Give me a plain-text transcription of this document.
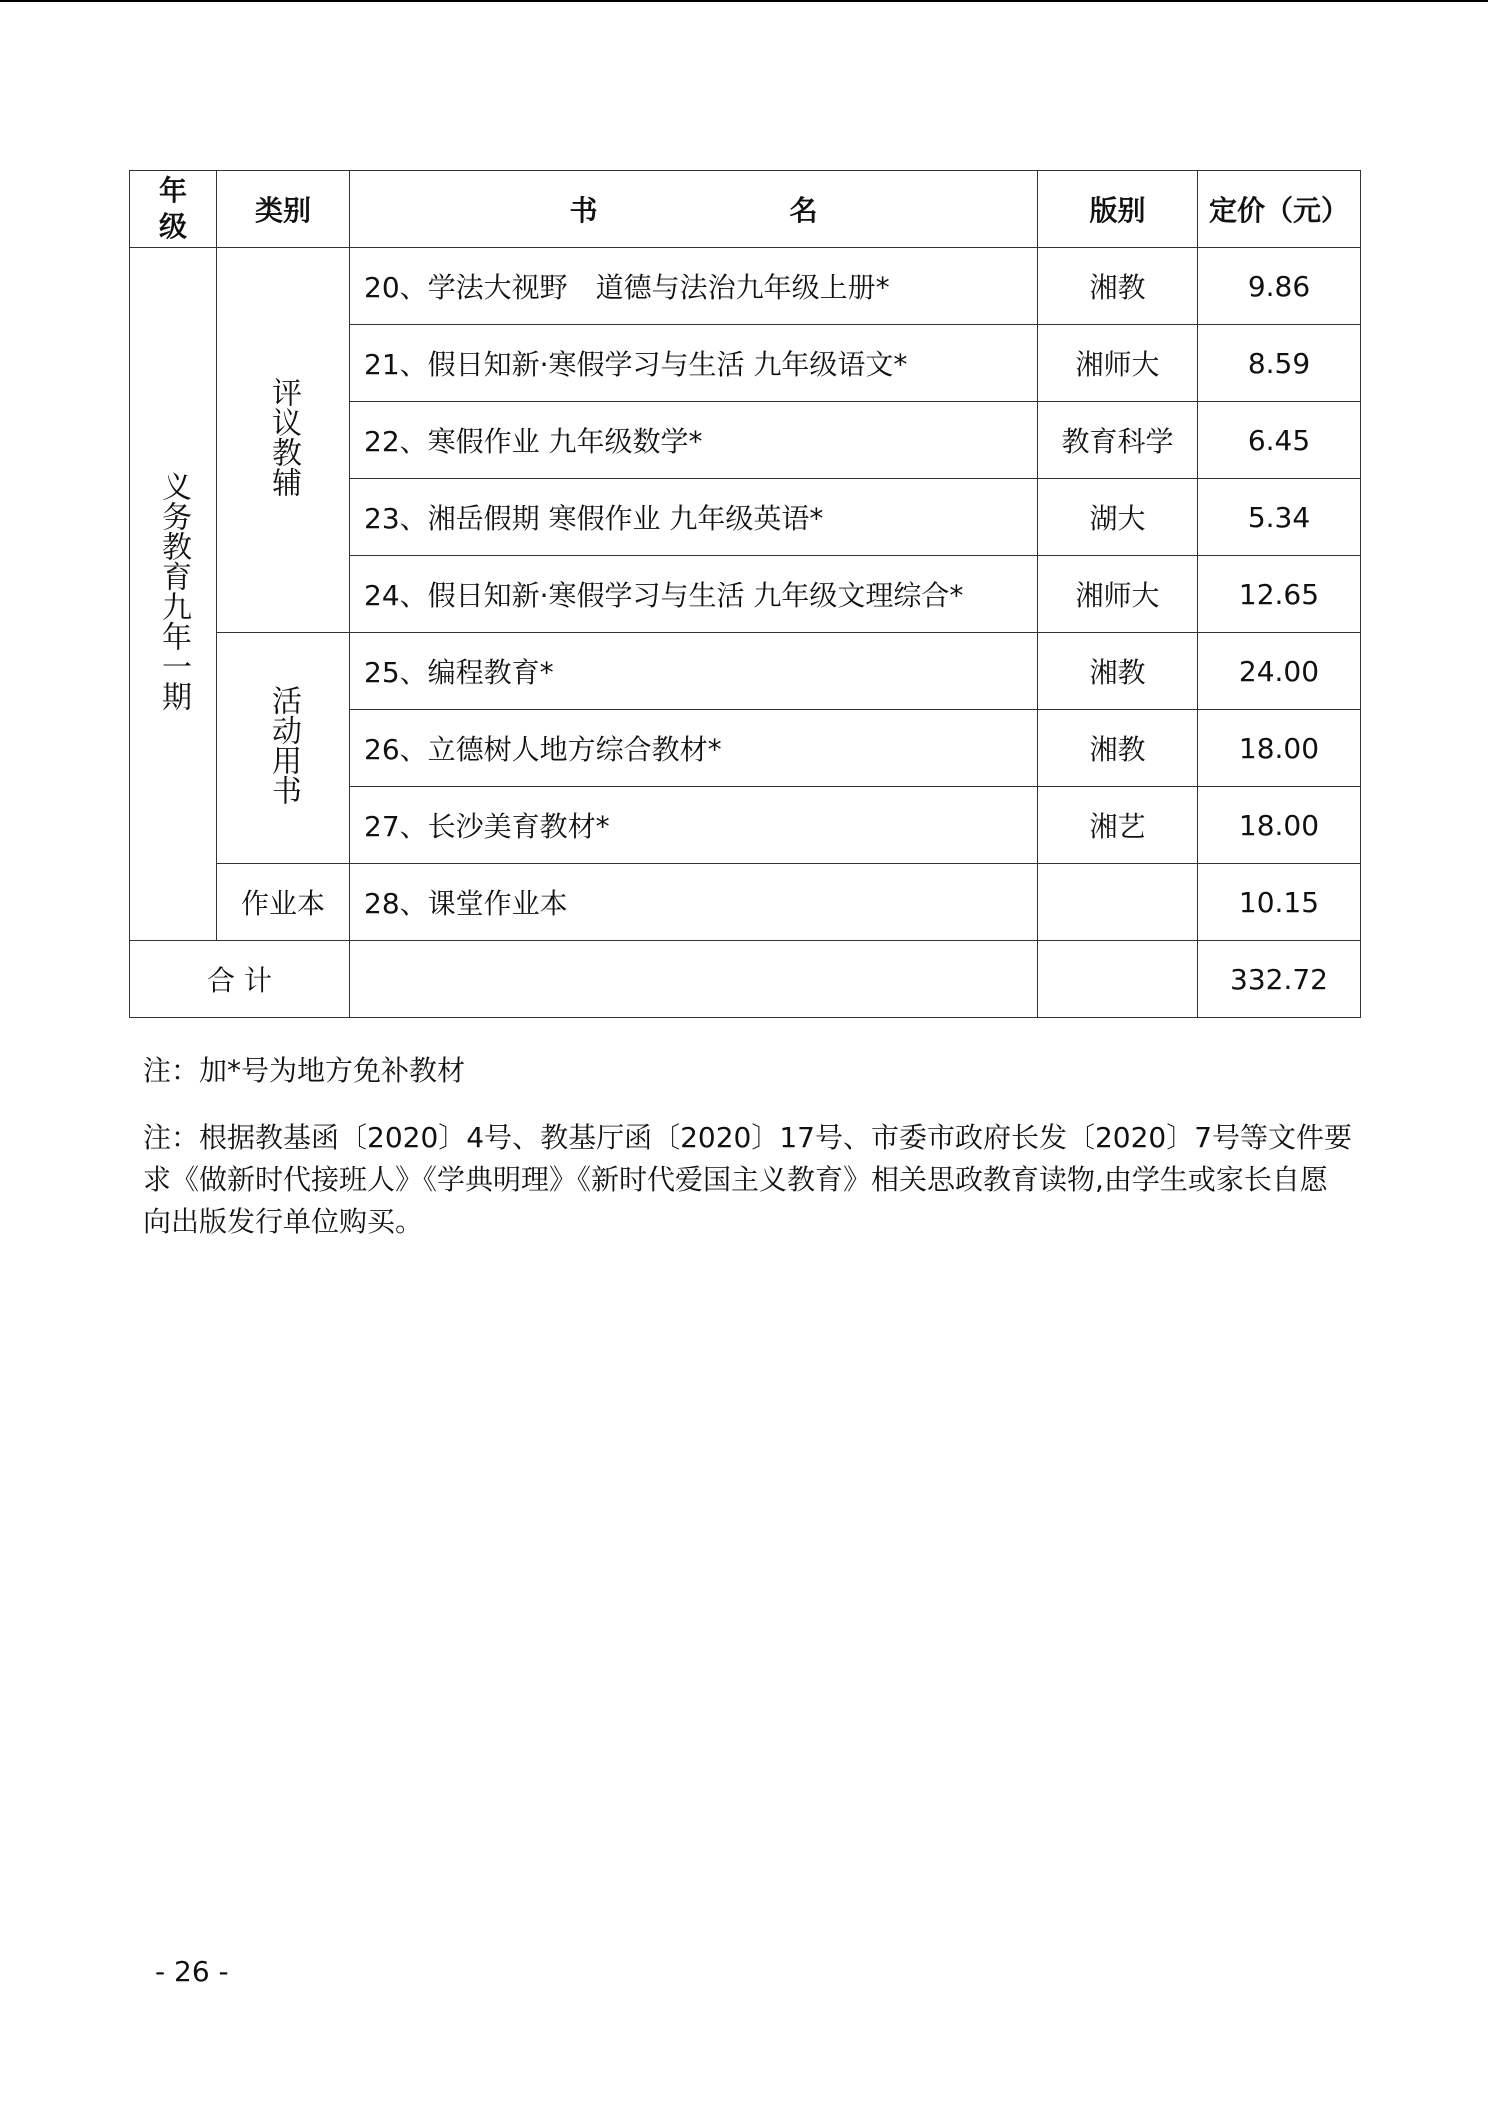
年
级	类别	书 名	版别	定价（元）
义务教育九年一期	评议教辅	20、学法大视野　道德与法治九年级上册*	湘教	9.86
		21、假日知新·寒假学习与生活 九年级语文*	湘师大	8.59
		22、寒假作业 九年级数学*	教育科学	6.45
		23、湘岳假期 寒假作业 九年级英语*	湖大	5.34
		24、假日知新·寒假学习与生活 九年级文理综合*	湘师大	12.65
	活动用书	25、编程教育*	湘教	24.00
		26、立德树人地方综合教材*	湘教	18.00
		27、长沙美育教材*	湘艺	18.00
	作业本	28、课堂作业本		10.15
合 计				332.72
注：加*号为地方免补教材
注：根据教基函〔2020〕4号、教基厅函〔2020〕17号、市委市政府长发〔2020〕7号等文件要求《做新时代接班人》《学典明理》《新时代爱国主义教育》相关思政教育读物,由学生或家长自愿向出版发行单位购买。
- 26 -
